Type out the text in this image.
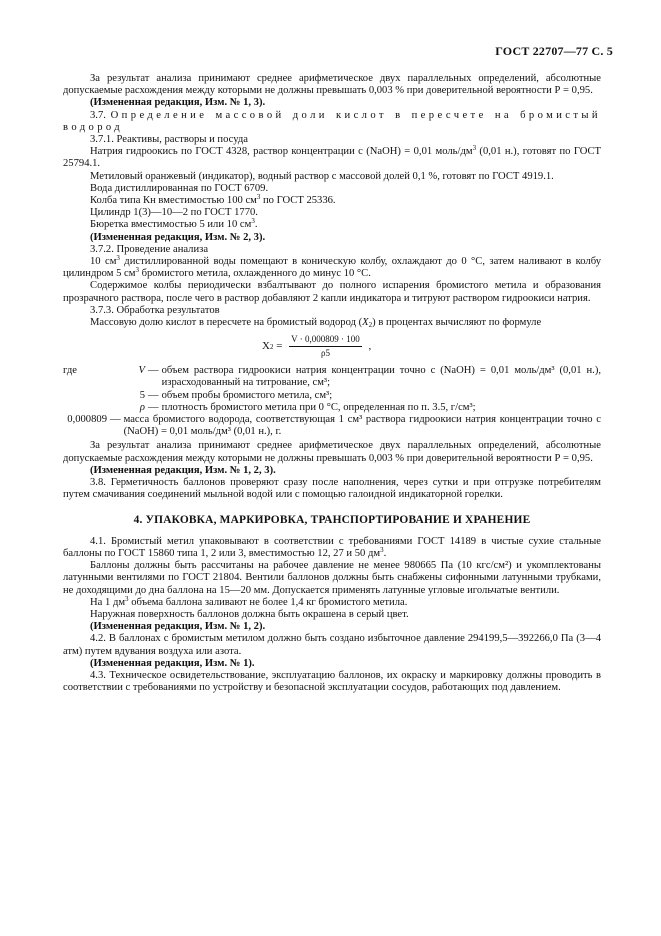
ГОСТ 22707—77 С. 5

За результат анализа принимают среднее арифметическое двух параллельных определений, абсолютные допускаемые расхождения между которыми не должны превышать 0,003 % при доверительной вероятности Р = 0,95.

(Измененная редакция, Изм. № 1, 3).

3.7. Определение массовой доли кислот в пересчете на бромистый водород

3.7.1. Реактивы, растворы и посуда

Натрия гидроокись по ГОСТ 4328, раствор концентрации с (NaOH) = 0,01 моль/$дм^3$ (0,01 н.), готовят по ГОСТ 25794.1.

Метиловый оранжевый (индикатор), водный раствор с массовой долей 0,1 %, готовят по ГОСТ 4919.1.

Вода дистиллированная по ГОСТ 6709.

Колба типа Кн вместимостью 100 $см^3$ по ГОСТ 25336.

Цилиндр 1(3)—10—2 по ГОСТ 1770.

Бюретка вместимостью 5 или 10 $см^3$.

(Измененная редакция, Изм. № 2, 3).

3.7.2. Проведение анализа

10 $см^3$ дистиллированной воды помещают в коническую колбу, охлаждают до 0 °С, затем наливают в колбу цилиндром 5 $см^3$ бромистого метила, охлажденного до минус 10 °С.

Содержимое колбы периодически взбалтывают до полного испарения бромистого метила и образования прозрачного раствора, после чего в раствор добавляют 2 капли индикатора и титруют раствором гидроокиси натрия.

3.7.3. Обработка результатов

Массовую долю кислот в пересчете на бромистый водород $(X_2)$ в процентах вычисляют по формуле

X $2 = \frac{V \cdot 0,000809 \cdot 100}{\rho 5}$ ,
где	V — объем раствора гидроокиси натрия концентрации точно с (NaOH) = 0,01 моль/дм³ (0,01 н.), израсходованный на титрование, см³;
5 — объем пробы бромистого метила, см³;
ρ — плотность бромистого метила при 0 °С, определенная по п. 3.5, г/см³;
0,000809 — масса бромистого водорода, соответствующая 1 см³ раствора гидроокиси натрия концентрации точно с (NaOH) = 0,01 моль/дм³ (0,01 н.), г.

За результат анализа принимают среднее арифметическое двух параллельных определений, абсолютные допускаемые расхождения между которыми не должны превышать 0,003 % при доверительной вероятности Р = 0,95.

(Измененная редакция, Изм. № 1, 2, 3).

3.8. Герметичность баллонов проверяют сразу после наполнения, через сутки и при отгрузке потребителям путем смачивания соединений мыльной водой или с помощью галоидной индикаторной горелки.

4. УПАКОВКА, МАРКИРОВКА, ТРАНСПОРТИРОВАНИЕ И ХРАНЕНИЕ

4.1. Бромистый метил упаковывают в соответствии с требованиями ГОСТ 14189 в чистые сухие стальные баллоны по ГОСТ 15860 типа 1, 2 или 3, вместимостью 12, 27 и 50 $дм^3$.

Баллоны должны быть рассчитаны на рабочее давление не менее 980665 Па (10 кгс/см²) и укомплектованы латунными вентилями по ГОСТ 21804. Вентили баллонов должны быть снабжены сифонными латунными трубками, не доходящими до дна баллона на 15—20 мм. Допускается применять латунные угловые игольчатые вентили.

На 1 $дм^3$ объема баллона заливают не более 1,4 кг бромистого метила.

Наружная поверхность баллонов должна быть окрашена в серый цвет.

(Измененная редакция, Изм. № 1, 2).

4.2. В баллонах с бромистым метилом должно быть создано избыточное давление 294199,5—392266,0 Па (3—4 атм) путем вдувания воздуха или азота.

(Измененная редакция, Изм. № 1).

4.3. Техническое освидетельствование, эксплуатацию баллонов, их окраску и маркировку должны проводить в соответствии с требованиями по устройству и безопасной эксплуатации сосудов, работающих под давлением.
